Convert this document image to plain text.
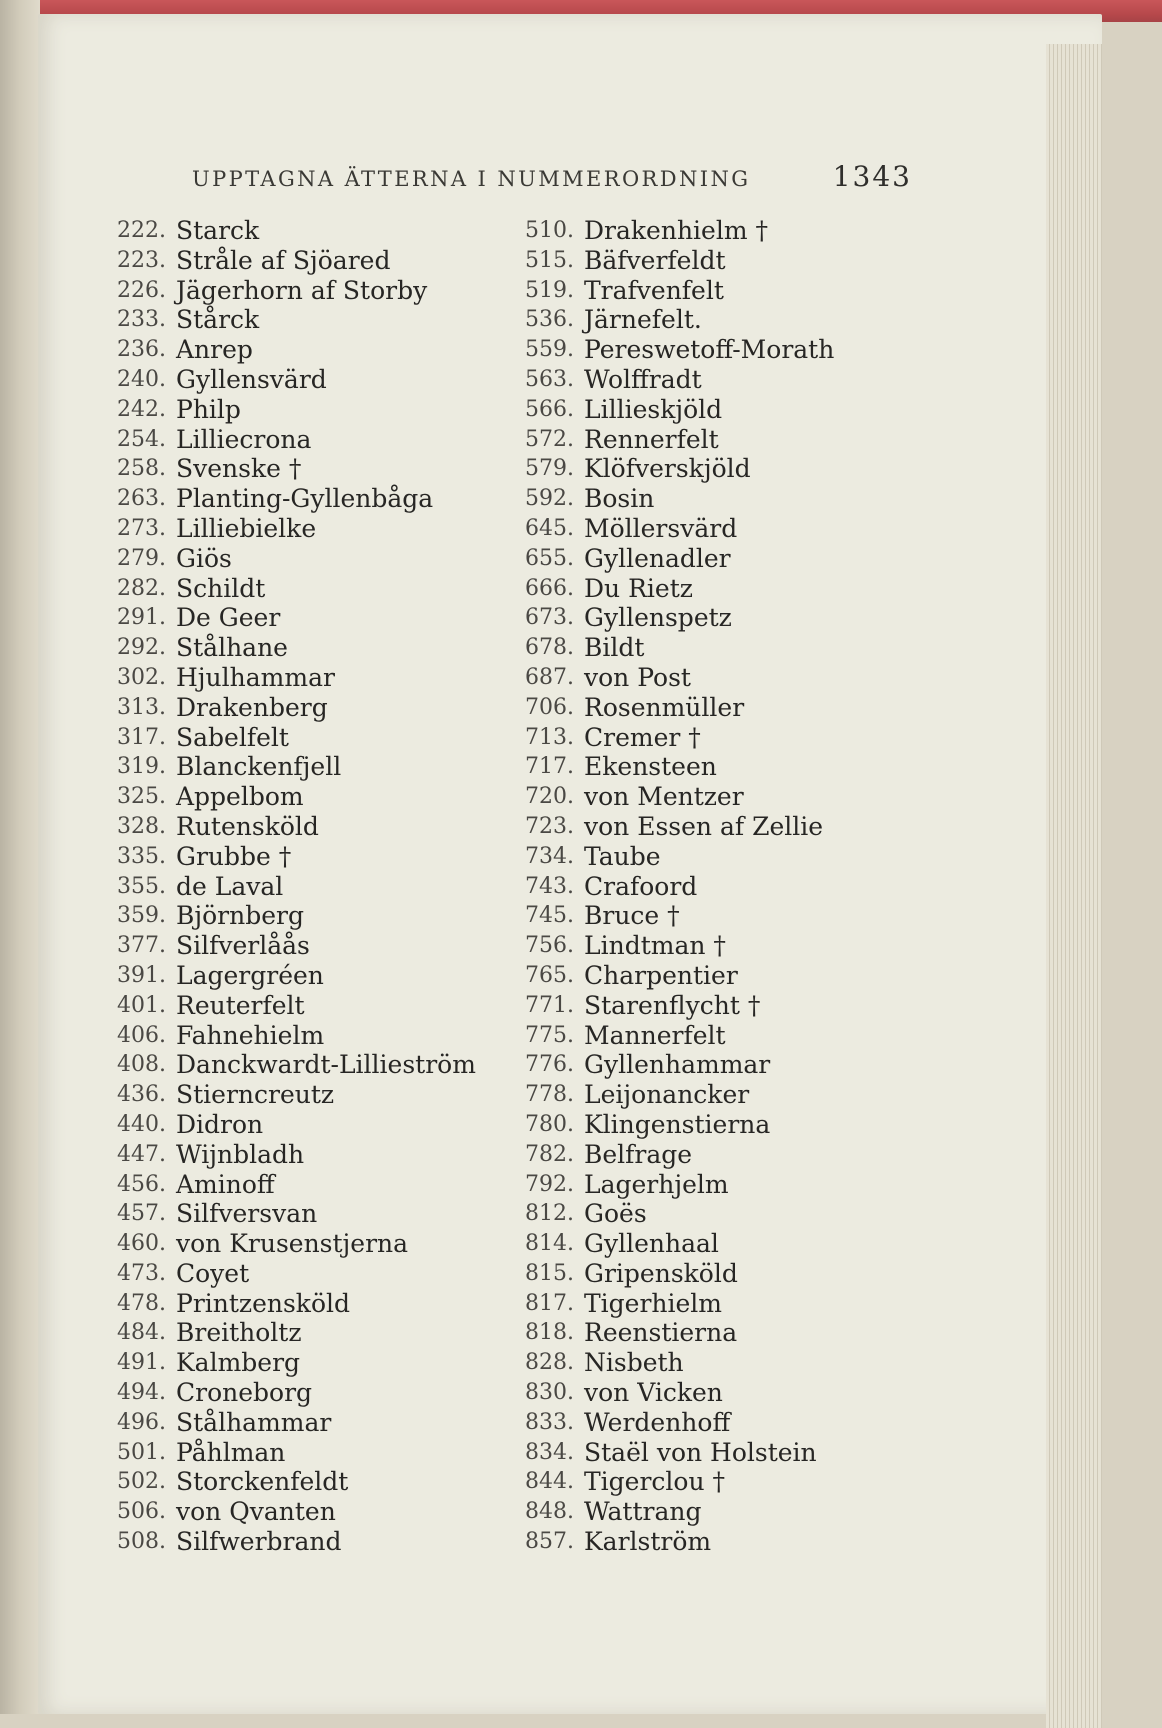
UPPTAGNA ÄTTERNA I NUMMERORDNING	1343
222. Starck
223. Stråle af Sjöared
226. Jägerhorn af Storby
233. Stårck
236. Anrep
240. Gyllensvärd
242. Philp
254. Lilliecrona
258. Svenske †
263. Planting-Gyllenbåga
273. Lilliebielke
279. Giös
282. Schildt
291. De Geer
292. Stålhane
302. Hjulhammar
313. Drakenberg
317. Sabelfelt
319. Blanckenfjell
325. Appelbom
328. Rutensköld
335. Grubbe †
355. de Laval
359. Björnberg
377. Silfverlåås
391. Lagergréen
401. Reuterfelt
406. Fahnehielm
408. Danckwardt-Lillieström
436. Stierncreutz
440. Didron
447. Wijnbladh
456. Aminoff
457. Silfversvan
460. von Krusenstjerna
473. Coyet
478. Printzensköld
484. Breitholtz
491. Kalmberg
494. Croneborg
496. Stålhammar
501. Påhlman
502. Storckenfeldt
506. von Qvanten
508. Silfwerbrand
510. Drakenhielm †
515. Bäfverfeldt
519. Trafvenfelt
536. Järnefelt.
559. Pereswetoff-Morath
563. Wolffradt
566. Lillieskjöld
572. Rennerfelt
579. Klöfverskjöld
592. Bosin
645. Möllersvärd
655. Gyllenadler
666. Du Rietz
673. Gyllenspetz
678. Bildt
687. von Post
706. Rosenmüller
713. Cremer †
717. Ekensteen
720. von Mentzer
723. von Essen af Zellie
734. Taube
743. Crafoord
745. Bruce †
756. Lindtman †
765. Charpentier
771. Starenflycht †
775. Mannerfelt
776. Gyllenhammar
778. Leijonancker
780. Klingenstierna
782. Belfrage
792. Lagerhjelm
812. Goës
814. Gyllenhaal
815. Gripensköld
817. Tigerhielm
818. Reenstierna
828. Nisbeth
830. von Vicken
833. Werdenhoff
834. Staël von Holstein
844. Tigerclou †
848. Wattrang
857. Karlström
